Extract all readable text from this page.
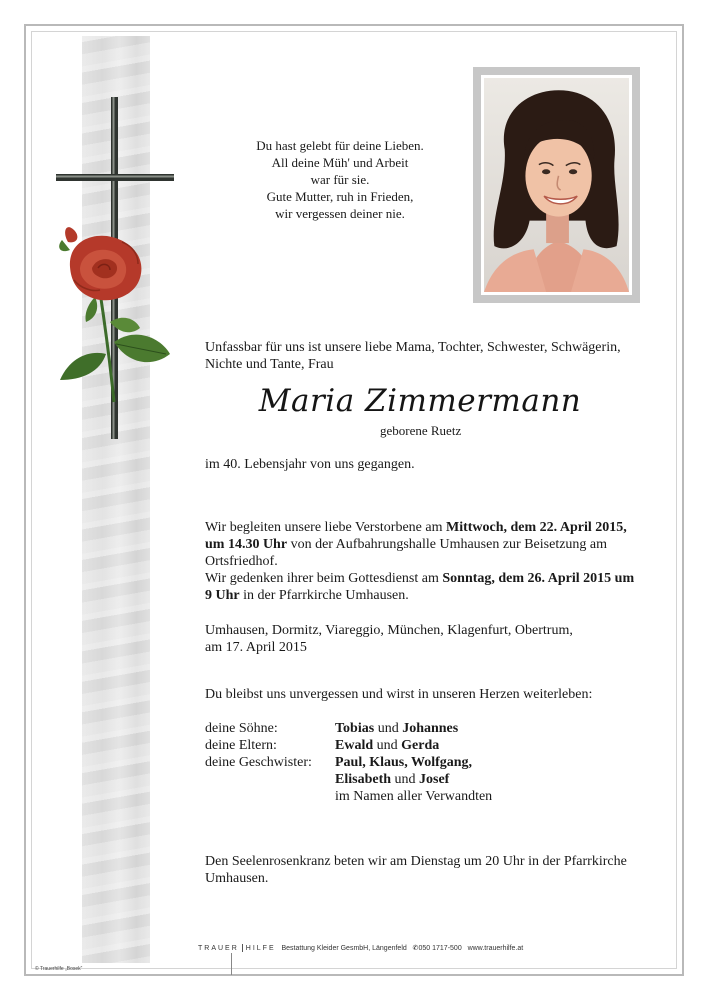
Du hast gelebt für deine Lieben.
All deine Müh' und Arbeit
war für sie.
Gute Mutter, ruh in Frieden,
wir vergessen deiner nie.
Unfassbar für uns ist unsere liebe Mama, Tochter, Schwester, Schwägerin, Nichte und Tante, Frau
Maria Zimmermann
geborene Ruetz
im 40. Lebensjahr von uns gegangen.
Wir begleiten unsere liebe Verstorbene am Mittwoch, dem 22. April 2015, um 14.30 Uhr von der Aufbahrungshalle Umhausen zur Beisetzung am Ortsfriedhof.
Wir gedenken ihrer beim Gottesdienst am Sonntag, dem 26. April 2015 um 9 Uhr in der Pfarrkirche Umhausen.
Umhausen, Dormitz, Viareggio, München, Klagenfurt, Obertrum,
am 17. April 2015
Du bleibst uns unvergessen und wirst in unseren Herzen weiterleben:
deine Söhne:	Tobias und Johannes
deine Eltern:	Ewald und Gerda
deine Geschwister:	Paul, Klaus, Wolfgang,
Elisabeth und Josef
im Namen aller Verwandten
Den Seelenrosenkranz beten wir am Dienstag um 20 Uhr in der Pfarrkirche Umhausen.
TRAUER HILFE Bestattung Kleider GesmbH, Längenfeld ✆050 1717-500 www.trauerhilfe.at
© Trauerhilfe „Bosek“
